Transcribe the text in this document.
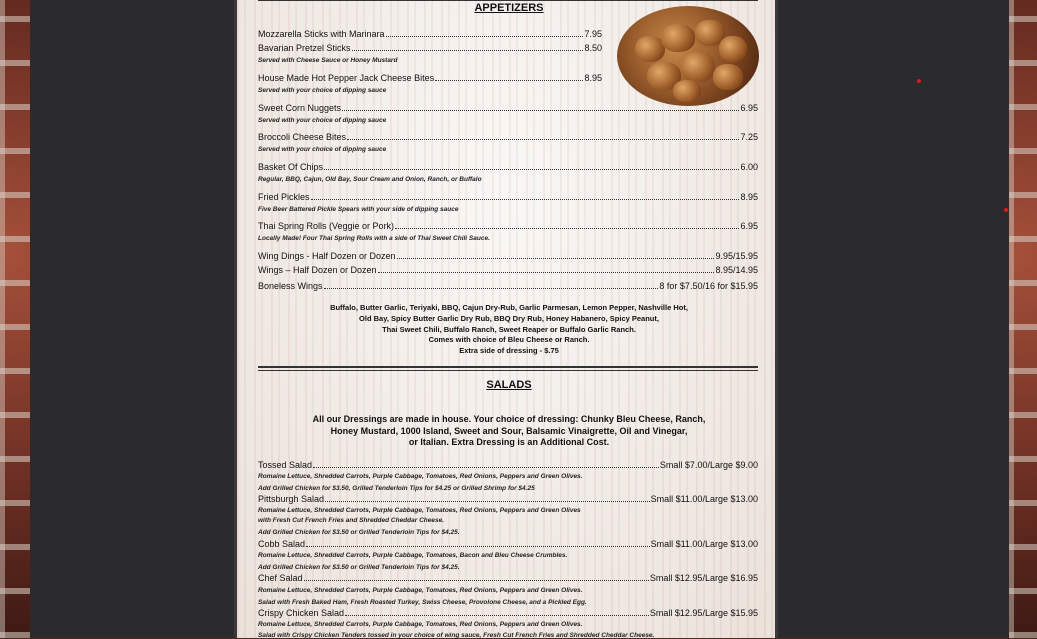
APPETIZERS
Mozzarella Sticks with Marinara	7.95
Bavarian Pretzel Sticks	8.50
Served with Cheese Sauce or Honey Mustard
House Made Hot Pepper Jack Cheese Bites	8.95
Served with your choice of dipping sauce
Sweet Corn Nuggets	6.95
Served with your choice of dipping sauce
Broccoli Cheese Bites	7.25
Served with your choice of dipping sauce
Basket Of Chips	6.00
Regular, BBQ, Cajun, Old Bay, Sour Cream and Onion, Ranch, or Buffalo
Fried Pickles	8.95
Five Beer Battered Pickle Spears with your side of dipping sauce
Thai Spring Rolls (Veggie or Pork)	6.95
Locally Made! Four Thai Spring Rolls with a side of Thai Sweet Chili Sauce.
Wing Dings - Half Dozen or Dozen	9.95/15.95
Wings – Half Dozen or Dozen	8.95/14.95
Boneless Wings	8 for $7.50/16 for $15.95
Buffalo, Butter Garlic, Teriyaki, BBQ, Cajun Dry-Rub, Garlic Parmesan, Lemon Pepper, Nashville Hot,
Old Bay, Spicy Butter Garlic Dry Rub, BBQ Dry Rub, Honey Habanero, Spicy Peanut,
Thai Sweet Chili, Buffalo Ranch, Sweet Reaper or Buffalo Garlic Ranch.
Comes with choice of Bleu Cheese or Ranch.
Extra side of dressing - $.75
SALADS
All our Dressings are made in house. Your choice of dressing: Chunky Bleu Cheese, Ranch,
Honey Mustard, 1000 Island, Sweet and Sour, Balsamic Vinaigrette, Oil and Vinegar,
or Italian. Extra Dressing is an Additional Cost.
Tossed Salad	Small $7.00/Large $9.00
Romaine Lettuce, Shredded Carrots, Purple Cabbage, Tomatoes, Red Onions, Peppers and Green Olives.
Add Grilled Chicken for $3.50, Grilled Tenderloin Tips for $4.25 or Grilled Shrimp for $4.25
Pittsburgh Salad	Small $11.00/Large $13.00
Romaine Lettuce, Shredded Carrots, Purple Cabbage, Tomatoes, Red Onions, Peppers and Green Olives
with Fresh Cut French Fries and Shredded Cheddar Cheese.
Add Grilled Chicken for $3.50 or Grilled Tenderloin Tips for $4.25.
Cobb Salad	Small $11.00/Large $13.00
Romaine Lettuce, Shredded Carrots, Purple Cabbage, Tomatoes, Bacon and Bleu Cheese Crumbles.
Add Grilled Chicken for $3.50 or Grilled Tenderloin Tips for $4.25.
Chef Salad	Small $12.95/Large $16.95
Romaine Lettuce, Shredded Carrots, Purple Cabbage, Tomatoes, Red Onions, Peppers and Green Olives.
Salad with Fresh Baked Ham, Fresh Roasted Turkey, Swiss Cheese, Provolone Cheese, and a Pickled Egg.
Crispy Chicken Salad	Small $12.95/Large $15.95
Romaine Lettuce, Shredded Carrots, Purple Cabbage, Tomatoes, Red Onions, Peppers and Green Olives.
Salad with Crispy Chicken Tenders tossed in your choice of wing sauce, Fresh Cut French Fries and Shredded Cheddar Cheese.
